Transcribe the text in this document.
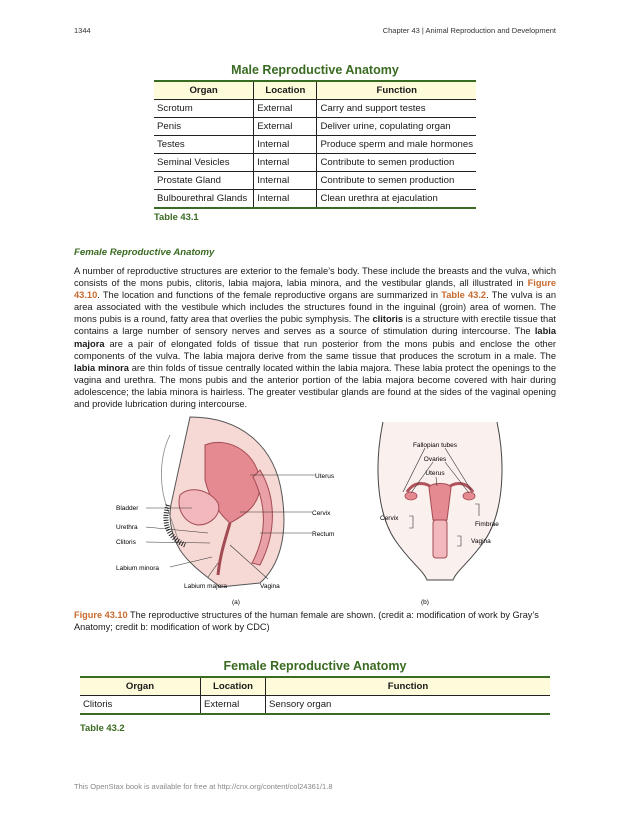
1344	Chapter 43 | Animal Reproduction and Development
Male Reproductive Anatomy
Organ	Location	Function
Scrotum	External	Carry and support testes
Penis	External	Deliver urine, copulating organ
Testes	Internal	Produce sperm and male hormones
Seminal Vesicles	Internal	Contribute to semen production
Prostate Gland	Internal	Contribute to semen production
Bulbourethral Glands	Internal	Clean urethra at ejaculation
Table 43.1
Female Reproductive Anatomy
A number of reproductive structures are exterior to the female’s body. These include the breasts and the vulva, which consists of the mons pubis, clitoris, labia majora, labia minora, and the vestibular glands, all illustrated in Figure 43.10. The location and functions of the female reproductive organs are summarized in Table 43.2. The vulva is an area associated with the vestibule which includes the structures found in the inguinal (groin) area of women. The mons pubis is a round, fatty area that overlies the pubic symphysis. The clitoris is a structure with erectile tissue that contains a large number of sensory nerves and serves as a source of stimulation during intercourse. The labia majora are a pair of elongated folds of tissue that run posterior from the mons pubis and enclose the other components of the vulva. The labia majora derive from the same tissue that produces the scrotum in a male. The labia minora are thin folds of tissue centrally located within the labia majora. These labia protect the openings to the vagina and urethra. The mons pubis and the anterior portion of the labia majora become covered with hair during adolescence; the labia minora is hairless. The greater vestibular glands are found at the sides of the vaginal opening and provide lubrication during intercourse.
Uterus
Bladder
Cervix
Urethra
Rectum
Clitoris
Labium minora
Labium majora	Vagina
(a)
Fallopian tubes
Ovaries
Uterus
Cervix
Fimbrae
Vagina
(b)
Figure 43.10 The reproductive structures of the human female are shown. (credit a: modification of work by Gray’s Anatomy; credit b: modification of work by CDC)
Female Reproductive Anatomy
Organ	Location	Function
Clitoris	External	Sensory organ
Table 43.2
This OpenStax book is available for free at http://cnx.org/content/col24361/1.8
